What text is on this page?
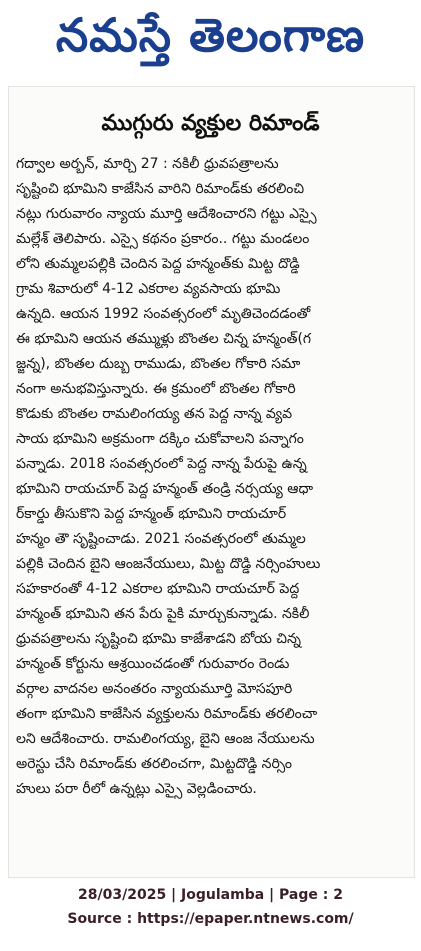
నమస్తే తెలంగాణ
ముగ్గురు వ్యక్తుల రిమాండ్
గద్వాల అర్బన్, మార్చి 27 : నకిలీ ధ్రువపత్రాలను
సృష్టించి భూమిని కాజేసిన వారిని రిమాండ్‌కు తరలించి
నట్లు గురువారం న్యాయ మూర్తి ఆదేశించారని గట్టు ఎస్సై
మల్లేశ్ తెలిపారు. ఎస్సై కథనం ప్రకారం.. గట్టు మండలం
లోని తుమ్మలపల్లికి చెందిన పెద్ద హన్మంత్‌కు మిట్ట దొడ్డి
గ్రామ శివారులో 4-12 ఎకరాల వ్యవసాయ భూమి
ఉన్నది. ఆయన 1992 సంవత్సరంలో మృతిచెందడంతో
ఈ భూమిని ఆయన తమ్ముళ్లు బొంతల చిన్న హన్మంత్(గ
జ్జన్న), బొంతల దుబ్బ రాముడు, బొంతల గోకారి సమా
నంగా అనుభవిస్తున్నారు. ఈ క్రమంలో బొంతల గోకారి
కొడుకు బొంతల రామలింగయ్య తన పెద్ద నాన్న వ్యవ
సాయ భూమిని అక్రమంగా దక్కిం చుకోవాలని పన్నాగం
పన్నాడు. 2018 సంవత్సరంలో పెద్ద నాన్న పేరుపై ఉన్న
భూమిని రాయచూర్ పెద్ద హన్మంత్ తండ్రి నర్సయ్య ఆధా
ర్‌కార్డు తీసుకొని పెద్ద హన్మంత్ భూమిని రాయచూర్
హన్మం తౌ సృష్టించాడు. 2021 సంవత్సరంలో తుమ్మల
పల్లికి చెందిన బైని ఆంజనేయులు, మిట్ట దొడ్డి నర్సింహులు
సహకారంతో 4-12 ఎకరాల భూమిని రాయచూర్ పెద్ద
హన్మంత్ భూమిని తన పేరు పైకి మార్చుకున్నాడు. నకిలీ
ధ్రువపత్రాలను సృష్టించి భూమి కాజేశాడని బోయ చిన్న
హన్మంత్ కోర్టును ఆశ్రయించడంతో గురువారం రెండు
వర్గాల వాదనల అనంతరం న్యాయమూర్తి మోసపూరి
తంగా భూమిని కాజేసిన వ్యక్తులను రిమాండ్‌కు తరలించా
లని ఆదేశించారు. రామలింగయ్య, బైని ఆంజ నేయులను
అరెస్టు చేసి రిమాండ్‌కు తరలించగా, మిట్టదొడ్డి నర్సిం
హులు పరా రీలో ఉన్నట్లు ఎస్సై వెల్లడించారు.
28/03/2025 | Jogulamba | Page : 2
Source : https://epaper.ntnews.com/
